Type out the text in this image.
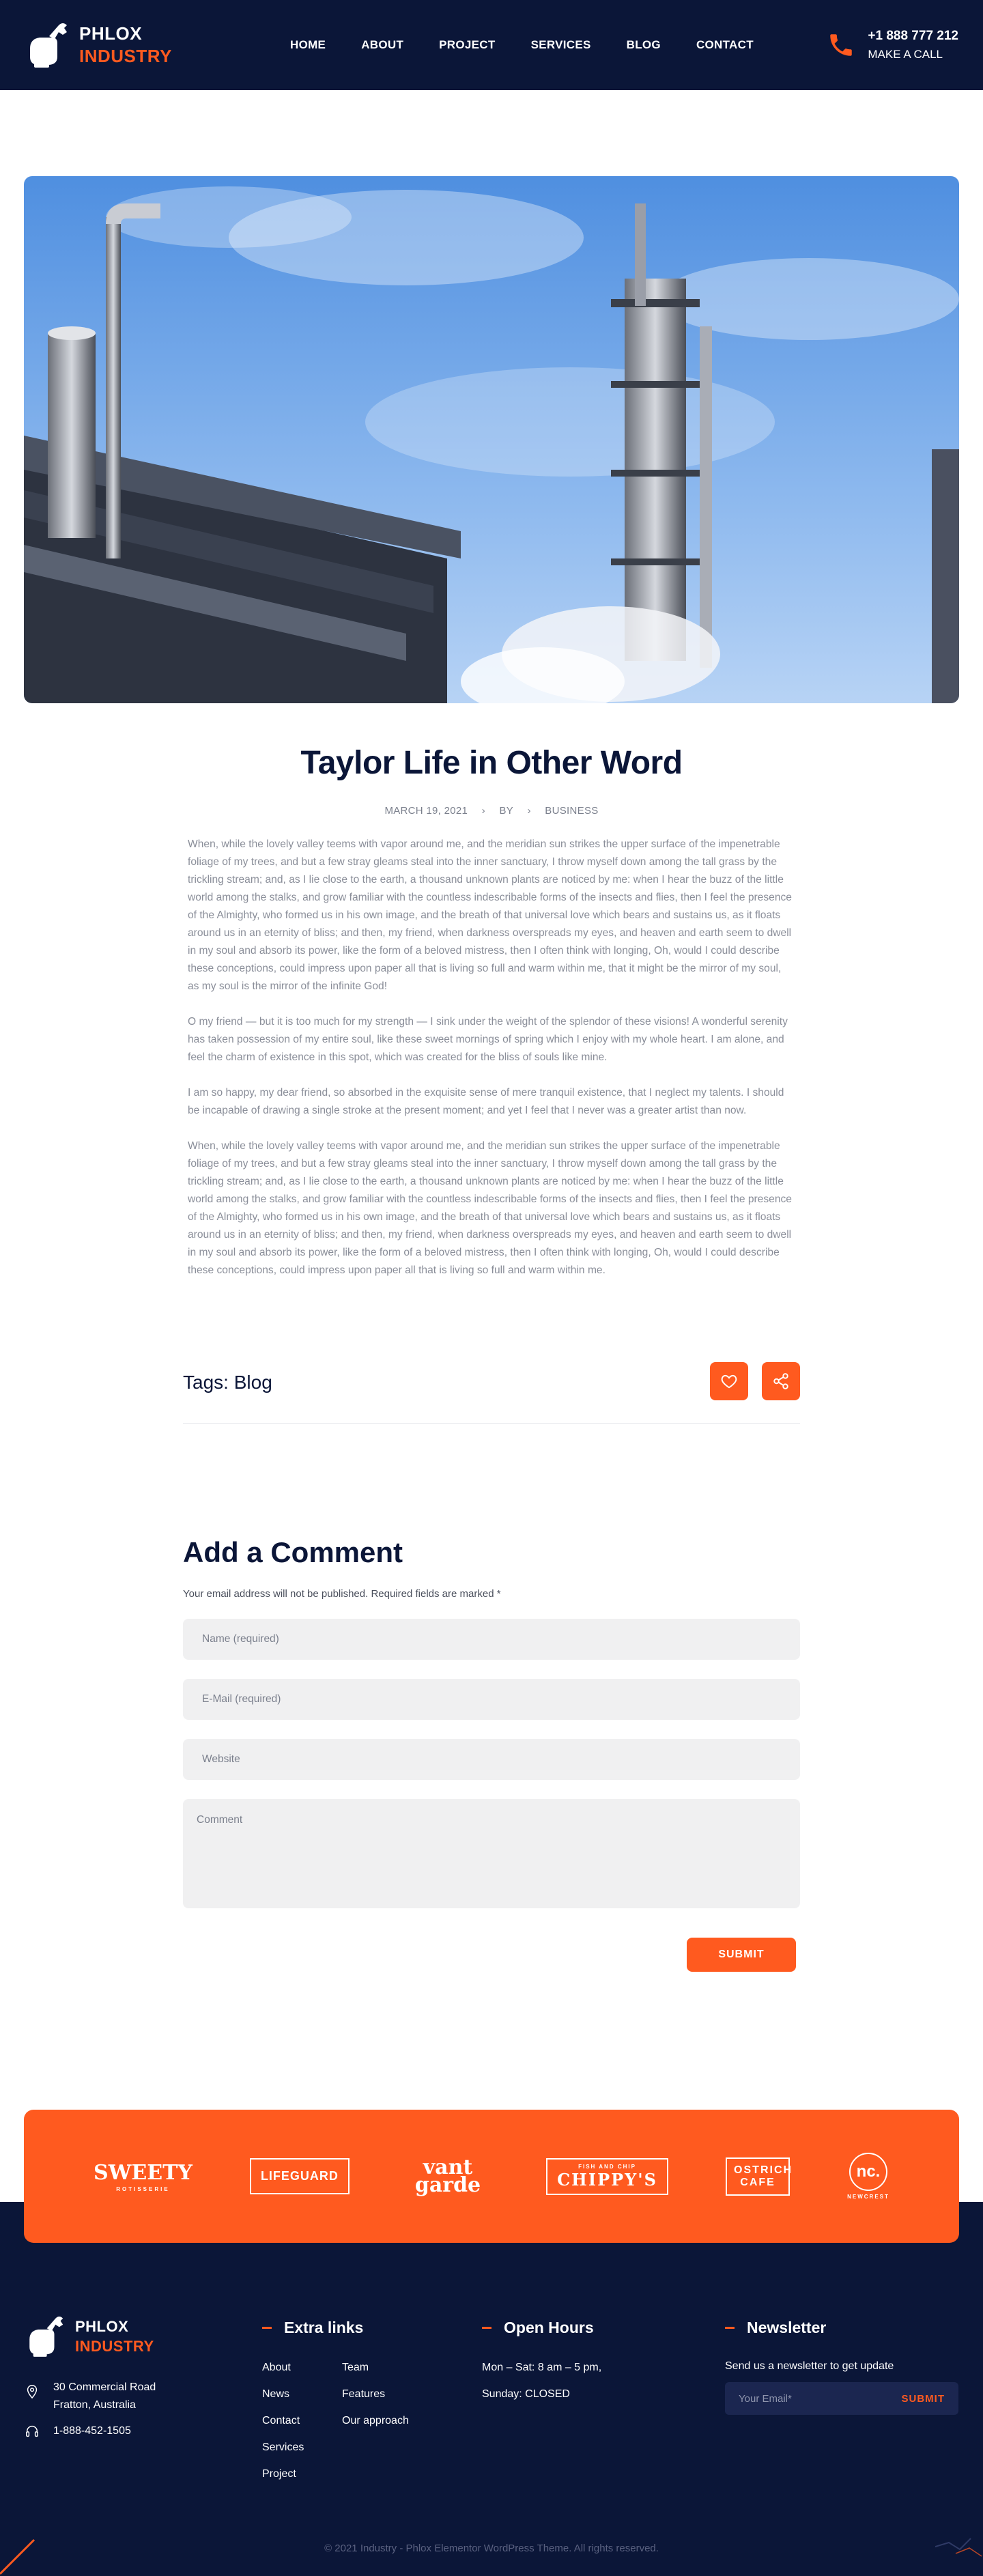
PHLOX
INDUSTRY
HOME	ABOUT	PROJECT	SERVICES	BLOG	CONTACT
+1 888 777 212
MAKE A CALL
Taylor Life in Other Word
MARCH 19, 2021 › BY › BUSINESS

When, while the lovely valley teems with vapor around me, and the meridian sun strikes the upper surface of the impenetrable foliage of my trees, and but a few stray gleams steal into the inner sanctuary, I throw myself down among the tall grass by the trickling stream; and, as I lie close to the earth, a thousand unknown plants are noticed by me: when I hear the buzz of the little world among the stalks, and grow familiar with the countless indescribable forms of the insects and flies, then I feel the presence of the Almighty, who formed us in his own image, and the breath of that universal love which bears and sustains us, as it floats around us in an eternity of bliss; and then, my friend, when darkness overspreads my eyes, and heaven and earth seem to dwell in my soul and absorb its power, like the form of a beloved mistress, then I often think with longing, Oh, would I could describe these conceptions, could impress upon paper all that is living so full and warm within me, that it might be the mirror of my soul, as my soul is the mirror of the infinite God!

O my friend — but it is too much for my strength — I sink under the weight of the splendor of these visions! A wonderful serenity has taken possession of my entire soul, like these sweet mornings of spring which I enjoy with my whole heart. I am alone, and feel the charm of existence in this spot, which was created for the bliss of souls like mine.

I am so happy, my dear friend, so absorbed in the exquisite sense of mere tranquil existence, that I neglect my talents. I should be incapable of drawing a single stroke at the present moment; and yet I feel that I never was a greater artist than now.

When, while the lovely valley teems with vapor around me, and the meridian sun strikes the upper surface of the impenetrable foliage of my trees, and but a few stray gleams steal into the inner sanctuary, I throw myself down among the tall grass by the trickling stream; and, as I lie close to the earth, a thousand unknown plants are noticed by me: when I hear the buzz of the little world among the stalks, and grow familiar with the countless indescribable forms of the insects and flies, then I feel the presence of the Almighty, who formed us in his own image, and the breath of that universal love which bears and sustains us, as it floats around us in an eternity of bliss; and then, my friend, when darkness overspreads my eyes, and heaven and earth seem to dwell in my soul and absorb its power, like the form of a beloved mistress, then I often think with longing, Oh, would I could describe these conceptions, could impress upon paper all that is living so full and warm within me.

Tags: Blog
Add a Comment
Your email address will not be published. Required fields are marked *
Name (required)
E-Mail (required)
Website
Comment
SUBMIT
SWEETY
ROTISSERIE
LIFEGUARD	vant garde
FISH AND CHIP
CHIPPY'S	OSTRICH CAFE
nc.
NEWCREST
PHLOX
INDUSTRY
30 Commercial Road Fratton, Australia
1-888-452-1505
Extra links
About
News
Contact
Services
Project
Team
Features
Our approach
Open Hours
Mon – Sat: 8 am – 5 pm,
Sunday: CLOSED
Newsletter
Send us a newsletter to get update
Your Email*	SUBMIT
© 2021 Industry - Phlox Elementor WordPress Theme. All rights reserved.
